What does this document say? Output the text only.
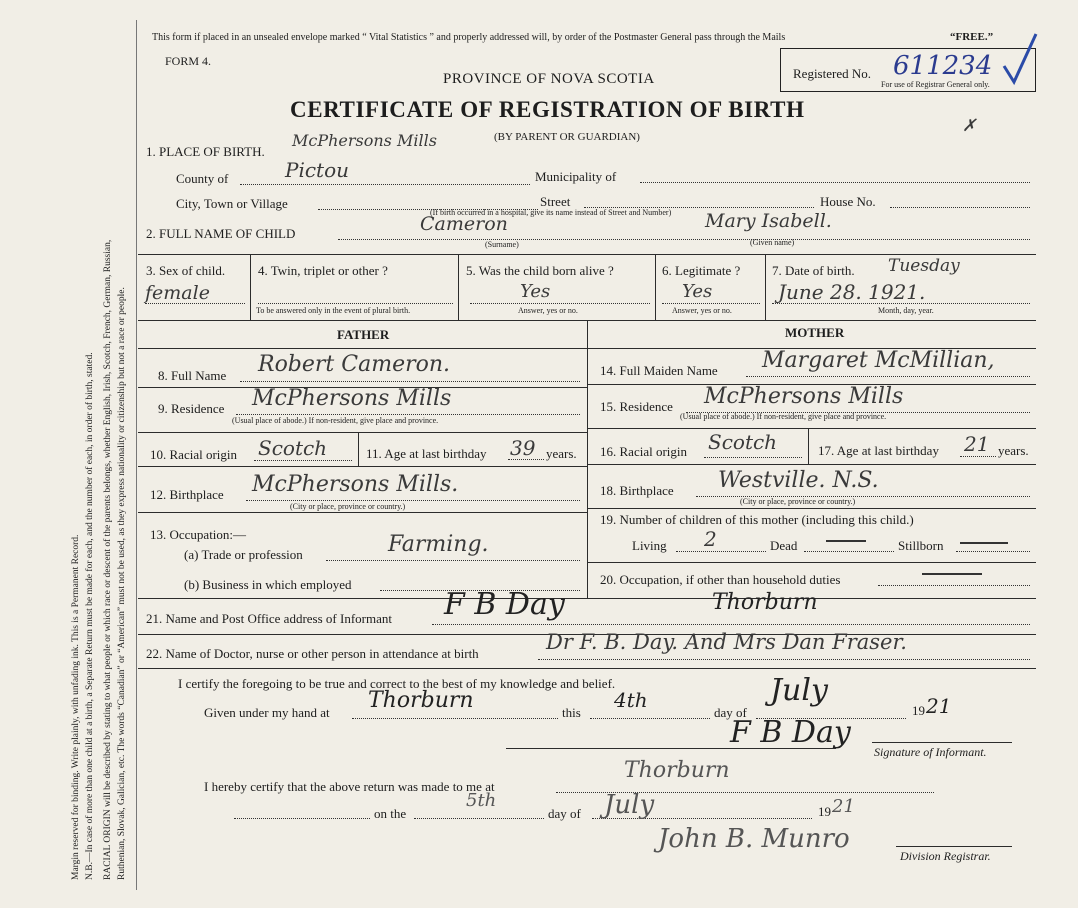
Margin reserved for binding. Write plainly, with unfading ink. This is a Permanent Record. N.B.—In case of more than one child at a birth, a Separate Return must be made for each, and the number of each, in order of birth, stated. RACIAL ORIGIN will be described by stating to what people or which race or descent of the parents belongs, whether English, Irish, Scotch, French, German, Russian, Ruthenian, Slovak, Galician, etc. The words “Canadian” or “American” must not be used, as they express nationality or citizenship but not a race or people.
This form if placed in an unsealed envelope marked “ Vital Statistics ” and properly addressed will, by order of the Postmaster General pass through the Mails	“FREE.”
FORM 4.
PROVINCE OF NOVA SCOTIA
CERTIFICATE OF REGISTRATION OF BIRTH
(BY PARENT OR GUARDIAN)
Registered No. 611234
For use of Registrar General only.
✗
1. PLACE OF BIRTH.
McPhersons Mills
County of	Pictou	Municipality of
City, Town or Village	Street	House No.
(If birth occurred in a hospital, give its name instead of Street and Number)
2. FULL NAME OF CHILD	Cameron	Mary Isabell.
(Surname)	(Given name)
3. Sex of child.
female
4. Twin, triplet or other ?
To be answered only in the event of plural birth.
5. Was the child born alive ?
Yes
Answer, yes or no.
6. Legitimate ?
Yes
Answer, yes or no.
7. Date of birth. Tuesday
June 28. 1921.
Month, day, year.
FATHER	MOTHER
8. Full Name Robert Cameron.
9. Residence McPhersons Mills
(Usual place of abode.) If non-resident, give place and province.
10. Racial origin Scotch	11. Age at last birthday 39 years.
12. Birthplace McPhersons Mills.
(City or place, province or country.)
13. Occupation:—
(a) Trade or profession	Farming.
(b) Business in which employed
14. Full Maiden Name Margaret McMillian,
15. Residence McPhersons Mills
(Usual place of abode.) If non-resident, give place and province.
16. Racial origin Scotch	17. Age at last birthday 21 years.
18. Birthplace Westville. N.S.
(City or place, province or country.)
19. Number of children of this mother (including this child.)
Living 2	Dead	Stillborn
20. Occupation, if other than household duties
21. Name and Post Office address of Informant F B Day	Thorburn
22. Name of Doctor, nurse or other person in attendance at birth	Dr F. B. Day. And Mrs Dan Fraser.
I certify the foregoing to be true and correct to the best of my knowledge and belief.
Given under my hand at Thorburn	this
4th
day of
July
19 21
F B Day
Signature of Informant.
I hereby certify that the above return was made to me at
Thorburn
on the
5th
day of July	19 21
John B. Munro
Division Registrar.
